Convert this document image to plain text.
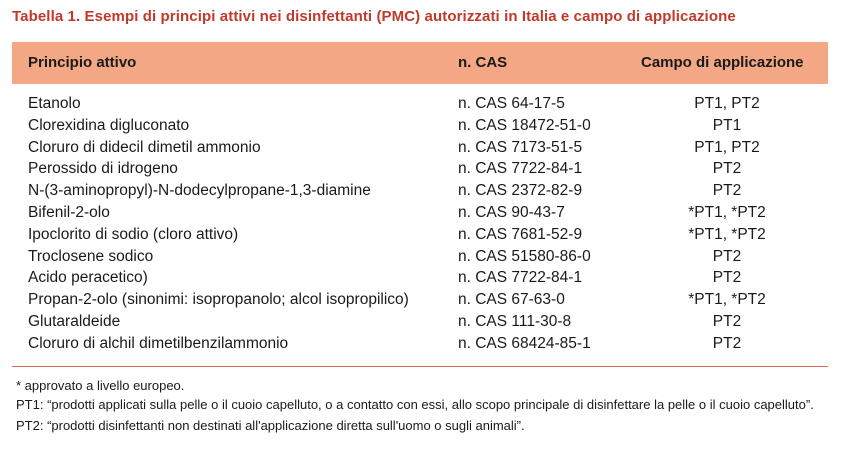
Tabella 1. Esempi di principi attivi nei disinfettanti (PMC) autorizzati in Italia e campo di applicazione
Principio attivo	n. CAS	Campo di applicazione
Etanolo	n. CAS 64-17-5	PT1, PT2
Clorexidina digluconato	n. CAS 18472-51-0	PT1
Cloruro di didecil dimetil ammonio	n. CAS 7173-51-5	PT1, PT2
Perossido di idrogeno	n. CAS 7722-84-1	PT2
N-(3-aminopropyl)-N-dodecylpropane-1,3-diamine	n. CAS 2372-82-9	PT2
Bifenil-2-olo	n. CAS 90-43-7	*PT1, *PT2
Ipoclorito di sodio (cloro attivo)	n. CAS 7681-52-9	*PT1, *PT2
Troclosene sodico	n. CAS 51580-86-0	PT2
Acido peracetico)	n. CAS 7722-84-1	PT2
Propan-2-olo (sinonimi: isopropanolo; alcol isopropilico)	n. CAS 67-63-0	*PT1, *PT2
Glutaraldeide	n. CAS 111-30-8	PT2
Cloruro di alchil dimetilbenzilammonio	n. CAS 68424-85-1	PT2
* approvato a livello europeo.
PT1: “prodotti applicati sulla pelle o il cuoio capelluto, o a contatto con essi, allo scopo principale di disinfettare la pelle o il cuoio capelluto”.
PT2: “prodotti disinfettanti non destinati all'applicazione diretta sull'uomo o sugli animali”.
